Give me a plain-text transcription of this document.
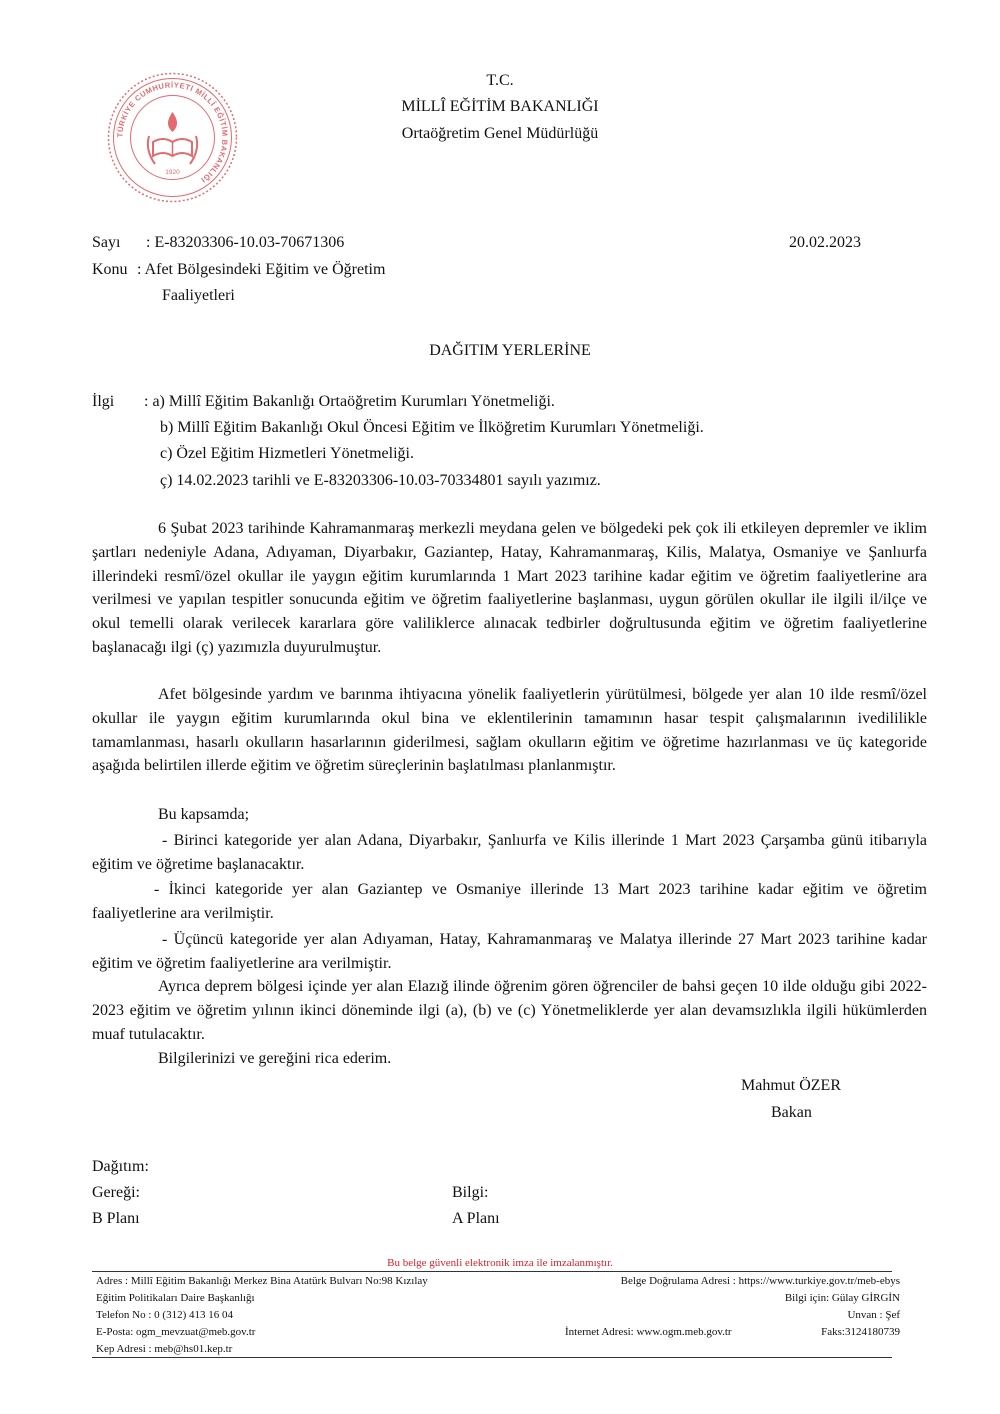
TÜRKİYE CUMHURİYETİ MİLLÎ EĞİTİM BAKANLIĞI
1920
T.C.
MİLLÎ EĞİTİM BAKANLIĞI
Ortaöğretim Genel Müdürlüğü
Sayı : E-83203306-10.03-70671306	20.02.2023
Konu : Afet Bölgesindeki Eğitim ve Öğretim
Faaliyetleri
DAĞITIM YERLERİNE
İlgi : a) Millî Eğitim Bakanlığı Ortaöğretim Kurumları Yönetmeliği.
b) Millî Eğitim Bakanlığı Okul Öncesi Eğitim ve İlköğretim Kurumları Yönetmeliği.
c) Özel Eğitim Hizmetleri Yönetmeliği.
ç) 14.02.2023 tarihli ve E-83203306-10.03-70334801 sayılı yazımız.
6 Şubat 2023 tarihinde Kahramanmaraş merkezli meydana gelen ve bölgedeki pek çok ili etkileyen depremler ve iklim şartları nedeniyle Adana, Adıyaman, Diyarbakır, Gaziantep, Hatay, Kahramanmaraş, Kilis, Malatya, Osmaniye ve Şanlıurfa illerindeki resmî/özel okullar ile yaygın eğitim kurumlarında 1 Mart 2023 tarihine kadar eğitim ve öğretim faaliyetlerine ara verilmesi ve yapılan tespitler sonucunda eğitim ve öğretim faaliyetlerine başlanması, uygun görülen okullar ile ilgili il/ilçe ve okul temelli olarak verilecek kararlara göre valiliklerce alınacak tedbirler doğrultusunda eğitim ve öğretim faaliyetlerine başlanacağı ilgi (ç) yazımızla duyurulmuştur.
Afet bölgesinde yardım ve barınma ihtiyacına yönelik faaliyetlerin yürütülmesi, bölgede yer alan 10 ilde resmî/özel okullar ile yaygın eğitim kurumlarında okul bina ve eklentilerinin tamamının hasar tespit çalışmalarının ivedililikle tamamlanması, hasarlı okulların hasarlarının giderilmesi, sağlam okulların eğitim ve öğretime hazırlanması ve üç kategoride aşağıda belirtilen illerde eğitim ve öğretim süreçlerinin başlatılması planlanmıştır.
Bu kapsamda;
- Birinci kategoride yer alan Adana, Diyarbakır, Şanlıurfa ve Kilis illerinde 1 Mart 2023 Çarşamba günü itibarıyla eğitim ve öğretime başlanacaktır.
- İkinci kategoride yer alan Gaziantep ve Osmaniye illerinde 13 Mart 2023 tarihine kadar eğitim ve öğretim faaliyetlerine ara verilmiştir.
- Üçüncü kategoride yer alan Adıyaman, Hatay, Kahramanmaraş ve Malatya illerinde 27 Mart 2023 tarihine kadar eğitim ve öğretim faaliyetlerine ara verilmiştir.
Ayrıca deprem bölgesi içinde yer alan Elazığ ilinde öğrenim gören öğrenciler de bahsi geçen 10 ilde olduğu gibi 2022-2023 eğitim ve öğretim yılının ikinci döneminde ilgi (a), (b) ve (c) Yönetmeliklerde yer alan devamsızlıkla ilgili hükümlerden muaf tutulacaktır.
Bilgilerinizi ve gereğini rica ederim.
Mahmut ÖZER
Bakan
Dağıtım:
Gereği:
B Planı
Bilgi:
A Planı
Bu belge güvenli elektronik imza ile imzalanmıştır.
Adres : Millî Eğitim Bakanlığı Merkez Bina Atatürk Bulvarı No:98 Kızılay
Eğitim Politikaları Daire Başkanlığı
Telefon No : 0 (312) 413 16 04
E-Posta: ogm_mevzuat@meb.gov.tr
Kep Adresi : meb@hs01.kep.tr
Belge Doğrulama Adresi : https://www.turkiye.gov.tr/meb-ebys
Bilgi için: Gülay GİRGİN
Unvan : Şef
İnternet Adresi: www.ogm.meb.gov.tr	Faks:3124180739
